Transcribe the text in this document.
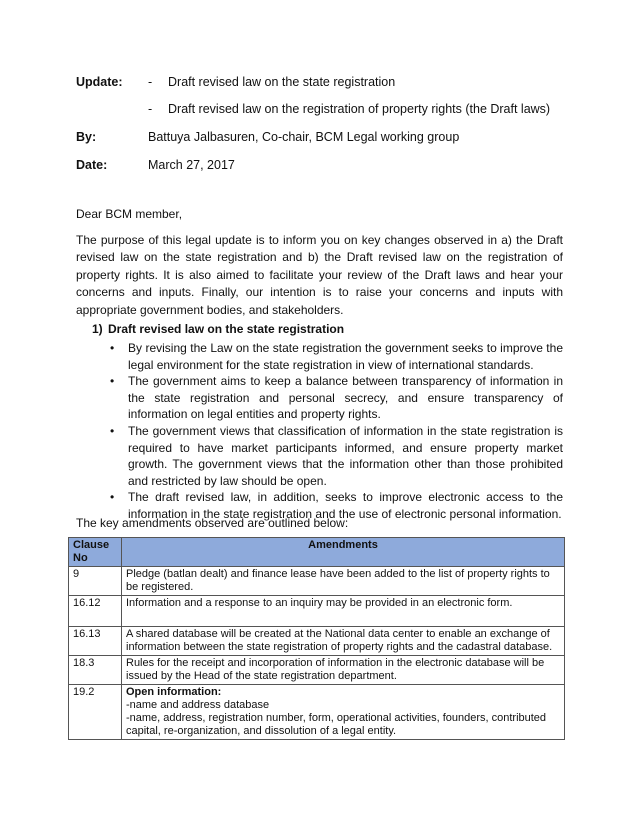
Update: - Draft revised law on the state registration
- Draft revised law on the registration of property rights (the Draft laws)
By:	Battuya Jalbasuren, Co-chair, BCM Legal working group
Date:	March 27, 2017
Dear BCM member,

The purpose of this legal update is to inform you on key changes observed in a) the Draft revised law on the state registration and b) the Draft revised law on the registration of property rights. It is also aimed to facilitate your review of the Draft laws and hear your concerns and inputs. Finally, our intention is to raise your concerns and inputs with appropriate government bodies, and stakeholders.

1) Draft revised law on the state registration
• By revising the Law on the state registration the government seeks to improve the legal environment for the state registration in view of international standards.
• The government aims to keep a balance between transparency of information in the state registration and personal secrecy, and ensure transparency of information on legal entities and property rights.
• The government views that classification of information in the state registration is required to have market participants informed, and ensure property market growth. The government views that the information other than those prohibited and restricted by law should be open.
• The draft revised law, in addition, seeks to improve electronic access to the information in the state registration and the use of electronic personal information.
The key amendments observed are outlined below:
Clause No	Amendments
9	Pledge (batlan dealt) and finance lease have been added to the list of property rights to be registered.
16.12	Information and a response to an inquiry may be provided in an electronic form.
16.13	A shared database will be created at the National data center to enable an exchange of information between the state registration of property rights and the cadastral database.
18.3	Rules for the receipt and incorporation of information in the electronic database will be issued by the Head of the state registration department.
19.2	Open information:
-name and address database
-name, address, registration number, form, operational activities, founders, contributed capital, re-organization, and dissolution of a legal entity.
